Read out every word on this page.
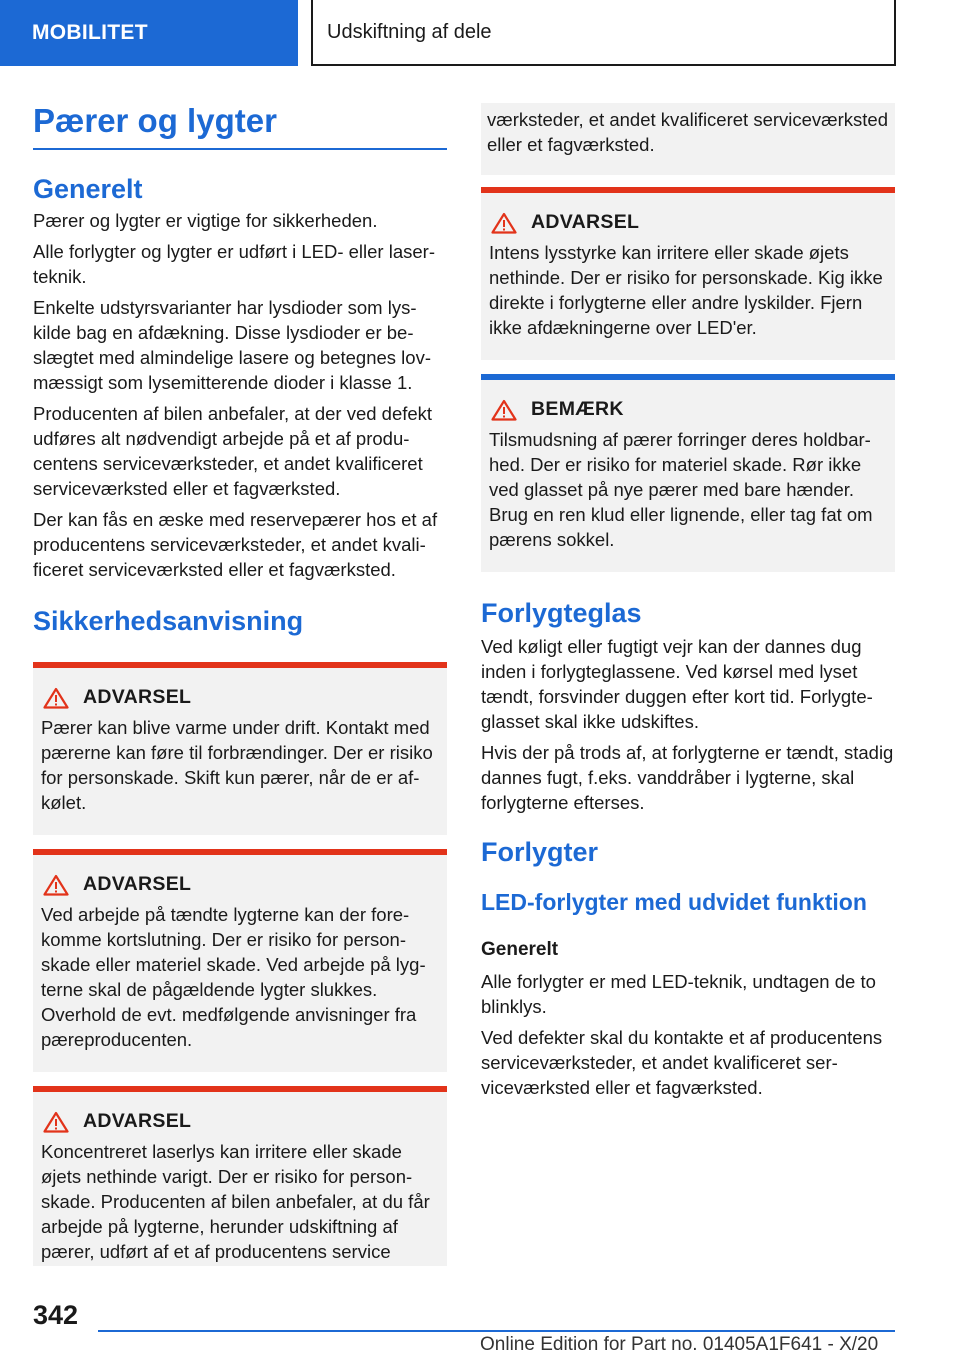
MOBILITET	Udskiftning af dele
Pærer og lygter
Generelt

Pærer og lygter er vigtige for sikkerheden.

Alle forlygter og lygter er udført i LED- eller laserteknik.

Enkelte udstyrsvarianter har lysdioder som lyskilde bag en afdækning. Disse lysdioder er beslægtet med almindelige lasere og betegnes lovmæssigt som lysemitterende dioder i klasse 1.

Producenten af bilen anbefaler, at der ved defekt udføres alt nødvendigt arbejde på et af producentens serviceværksteder, et andet kvalificeret serviceværksted eller et fagværksted.

Der kan fås en æske med reservepærer hos et af producentens serviceværksteder, et andet kvalificeret serviceværksted eller et fagværksted.

Sikkerhedsanvisning
ADVARSEL

Pærer kan blive varme under drift. Kontakt med pærerne kan føre til forbrændinger. Der er risiko for personskade. Skift kun pærer, når de er afkølet.

ADVARSEL

Ved arbejde på tændte lygterne kan der forekomme kortslutning. Der er risiko for personskade eller materiel skade. Ved arbejde på lygterne skal de pågældende lygter slukkes. Overhold de evt. medfølgende anvisninger fra pæreproducenten.

ADVARSEL

Koncentreret laserlys kan irritere eller skade øjets nethinde varigt. Der er risiko for personskade. Producenten af bilen anbefaler, at du får arbejde på lygterne, herunder udskiftning af pærer, udført af et af producentens service

værksteder, et andet kvalificeret serviceværksted eller et fagværksted.

ADVARSEL

Intens lysstyrke kan irritere eller skade øjets nethinde. Der er risiko for personskade. Kig ikke direkte i forlygterne eller andre lyskilder. Fjern ikke afdækningerne over LED'er.

BEMÆRK

Tilsmudsning af pærer forringer deres holdbarhed. Der er risiko for materiel skade. Rør ikke ved glasset på nye pærer med bare hænder. Brug en ren klud eller lignende, eller tag fat om pærens sokkel.

Forlygteglas

Ved køligt eller fugtigt vejr kan der dannes dug inden i forlygteglassene. Ved kørsel med lyset tændt, forsvinder duggen efter kort tid. Forlygteglasset skal ikke udskiftes.

Hvis der på trods af, at forlygterne er tændt, stadig dannes fugt, f.eks. vanddråber i lygterne, skal forlygterne efterses.

Forlygter
LED-forlygter med udvidet funktion
Generelt

Alle forlygter er med LED-teknik, undtagen de to blinklys.

Ved defekter skal du kontakte et af producentens serviceværksteder, et andet kvalificeret serviceværksted eller et fagværksted.

342
Online Edition for Part no. 01405A1F641 - X/20
